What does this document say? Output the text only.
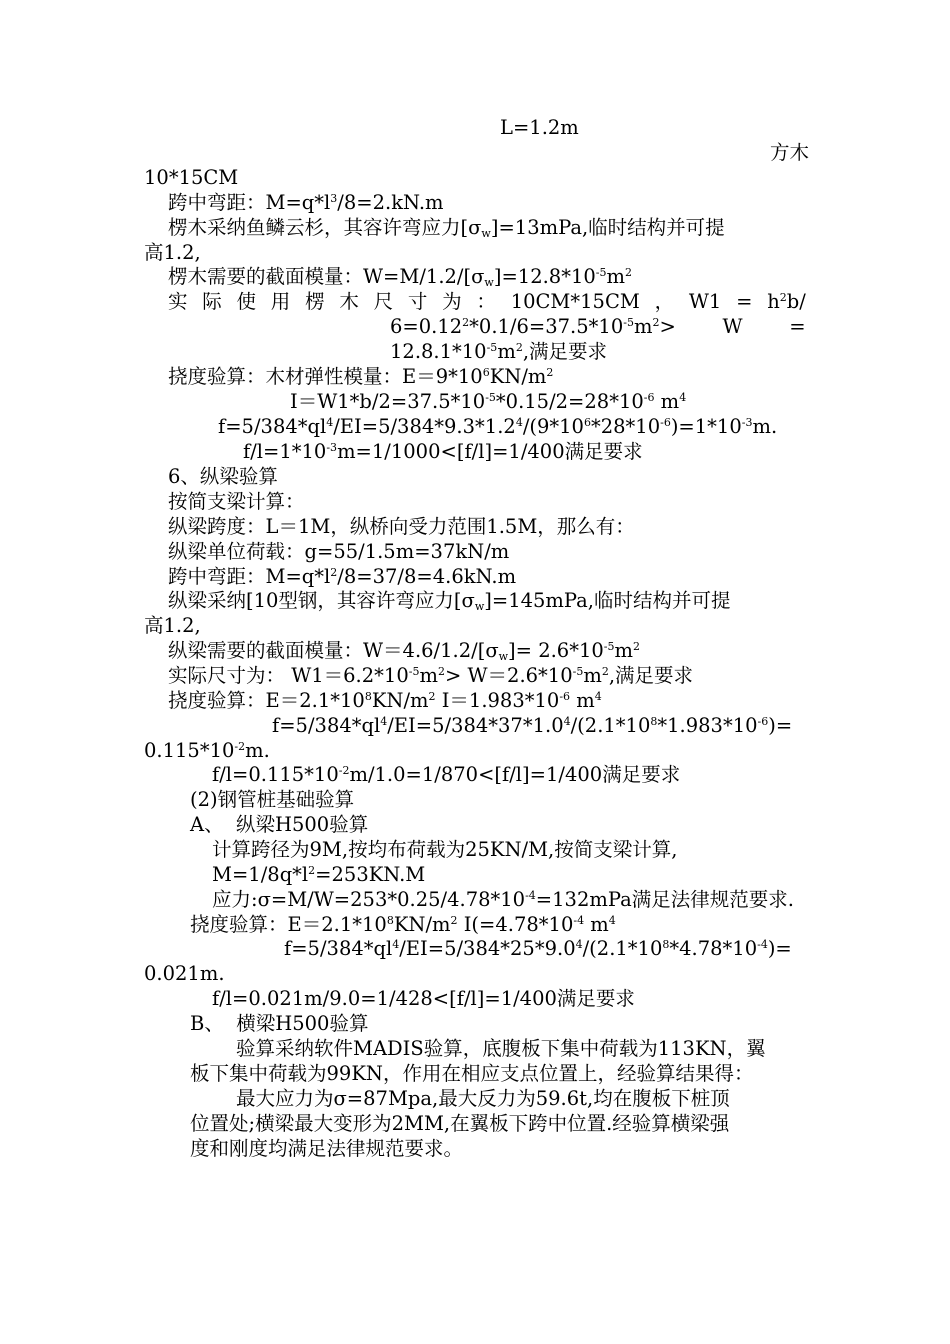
L=1.2m
方木
10*15CM
跨中弯距：$M=q*l^3/8=2.kN.m$
楞木采纳鱼鳞云杉，其容许弯应力$[\sigma_w]=13mPa$,临时结构并可提
高1.2,
楞木需要的截面模量：$W=M/1.2/[\sigma_w]=12.8*10^{-5}m^2$
实 际 使 用 楞 木 尺 寸 为 ： 10CM*15CM ， $W1 = h^2b/$
$6=0.12^2*0.1/6=37.5*10^{-5}m^2> W$ =
$12.8.1*10^{-5}m^2$,满足要求
挠度验算：木材弹性模量：$E=9*10^6KN/m^2$
$I=W1*b/2=37.5*10^{-5}*0.15/2=28*10^{-6}$ $m^4$
$f=5/384*ql^4/EI=5/384*9.3*1.2^4/(9*10^6*28*10^{-6})=1*10^{-3}m$.
$f/l=1*10^{-3}m=1/1000<[f/l]=1/400$满足要求
6、纵梁验算
按简支梁计算：
纵梁跨度：L＝1M，纵桥向受力范围1.5M，那么有：
纵梁单位荷载：g=55/1.5m=37kN/m
跨中弯距：$M=q*l^2/8=37/8=4.6kN.m$
纵梁采纳[10型钢，其容许弯应力$[\sigma_w]=145mPa$,临时结构并可提
高1.2,
纵梁需要的截面模量：$W=4.6/1.2/[\sigma_w]= 2.6*10^{-5}m^2$
实际尺寸为： $W1=6.2*10^{-5}m^2> W=2.6*10^{-5}m^2$,满足要求
挠度验算：$E=2.1*10^8KN/m^2$ $I=1.983*10^{-6}$ $m^4$
$f=5/384*ql^4/EI=5/384*37*1.0^4/(2.1*10^8*1.983*10^{-6})=$
$0.115*10^{-2}m$.
$f/l=0.115*10^{-2}m/1.0=1/870<[f/l]=1/400$满足要求
(2)钢管桩基础验算
A、  纵梁H500验算
计算跨径为9M,按均布荷载为25KN/M,按简支梁计算,
$M=1/8q*l^2=253KN.M$
应力$:\sigma=M/W=253*0.25/4.78*10^{-4}=132mPa$满足法律规范要求.
挠度验算：$E=2.1*10^8KN/m^2$ $I(=4.78*10^{-4}$ $m^4$
$f=5/384*ql^4/EI=5/384*25*9.0^4/(2.1*10^8*4.78*10^{-4})=$
0.021m.
f/l=0.021m/9.0=1/428<[f/l]=1/400满足要求
B、  横梁H500验算
验算采纳软件MADIS验算，底腹板下集中荷载为113KN，翼
板下集中荷载为99KN，作用在相应支点位置上，经验算结果得：
最大应力为σ=87Mpa,最大反力为59.6t,均在腹板下桩顶
位置处;横梁最大变形为2MM,在翼板下跨中位置.经验算横梁强
度和刚度均满足法律规范要求。
